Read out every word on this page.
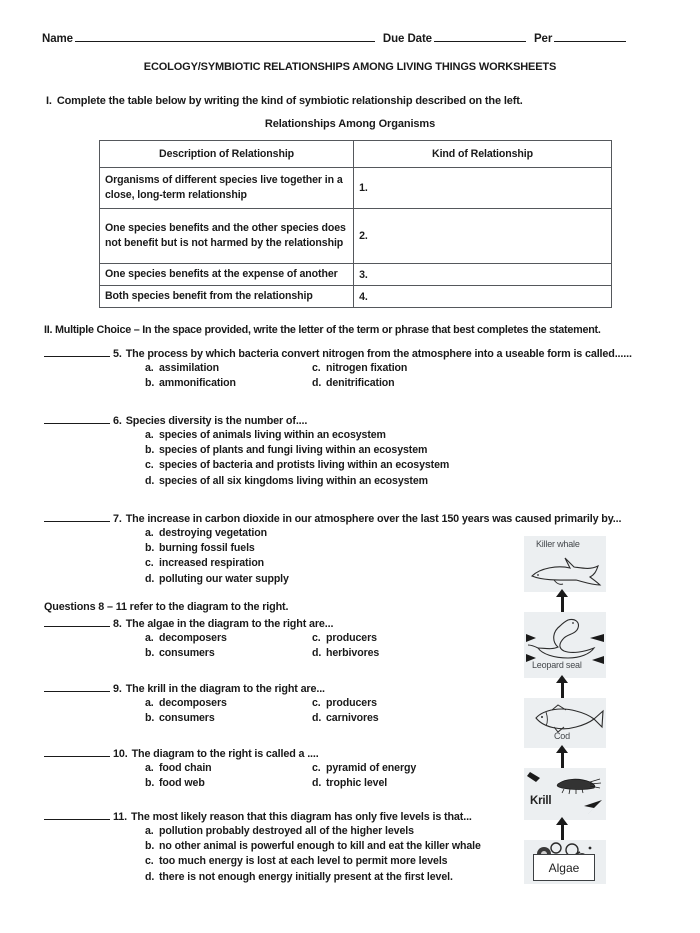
Name	Due Date	Per
ECOLOGY/SYMBIOTIC RELATIONSHIPS AMONG LIVING THINGS WORKSHEETS
I. Complete the table below by writing the kind of symbiotic relationship described on the left.
Relationships Among Organisms
Description of Relationship	Kind of Relationship
Organisms of different species live together in a close, long-term relationship	1.
One species benefits and the other species does not benefit but is not harmed by the relationship	2.
One species benefits at the expense of another	3.
Both species benefit from the relationship	4.
II. Multiple Choice – In the space provided, write the letter of the term or phrase that best completes the statement.
5. The process by which bacteria convert nitrogen from the atmosphere into a useable form is called......
a. assimilation	c. nitrogen fixation
b. ammonification	d. denitrification
6. Species diversity is the number of....
a. species of animals living within an ecosystem
b. species of plants and fungi living within an ecosystem
c. species of bacteria and protists living within an ecosystem
d. species of all six kingdoms living within an ecosystem
7. The increase in carbon dioxide in our atmosphere over the last 150 years was caused primarily by...
a. destroying vegetation
b. burning fossil fuels
c. increased respiration
d. polluting our water supply
Questions 8 – 11 refer to the diagram to the right.
8. The algae in the diagram to the right are...
a. decomposers	c. producers
b. consumers	d. herbivores
9. The krill in the diagram to the right are...
a. decomposers	c. producers
b. consumers	d. carnivores
10. The diagram to the right is called a ....
a. food chain	c. pyramid of energy
b. food web	d. trophic level
11. The most likely reason that this diagram has only five levels is that...
a. pollution probably destroyed all of the higher levels
b. no other animal is powerful enough to kill and eat the killer whale
c. too much energy is lost at each level to permit more levels
d. there is not enough energy initially present at the first level.
Killer whale
Leopard seal
Cod
Krill
Algae
